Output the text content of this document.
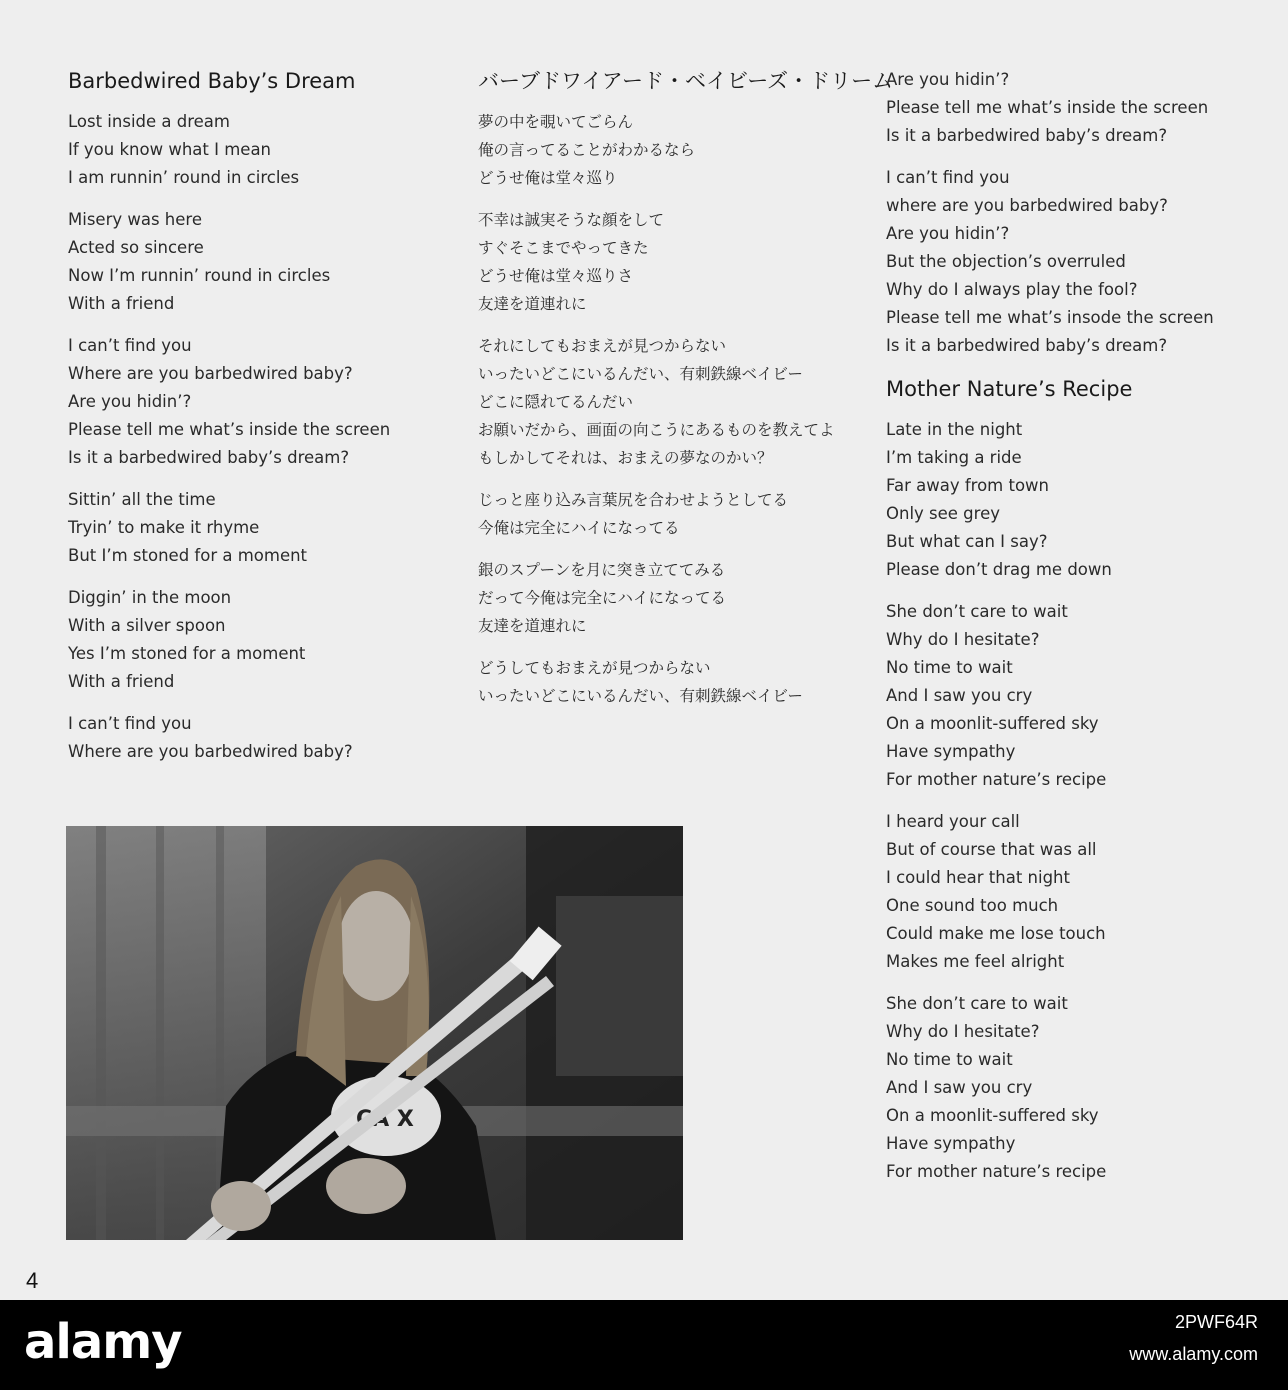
Barbedwired Baby’s Dream
Lost inside a dream
If you know what I mean
I am runnin’ round in circles
Misery was here
Acted so sincere
Now I’m runnin’ round in circles
With a friend
I can’t find you
Where are you barbedwired baby?
Are you hidin’?
Please tell me what’s inside the screen
Is it a barbedwired baby’s dream?
Sittin’ all the time
Tryin’ to make it rhyme
But I’m stoned for a moment
Diggin’ in the moon
With a silver spoon
Yes I’m stoned for a moment
With a friend
I can’t find you
Where are you barbedwired baby?
バーブドワイアード・ベイビーズ・ドリーム
夢の中を覗いてごらん
俺の言ってることがわかるなら
どうせ俺は堂々巡り
不幸は誠実そうな顔をして
すぐそこまでやってきた
どうせ俺は堂々巡りさ
友達を道連れに
それにしてもおまえが見つからない
いったいどこにいるんだい、有刺鉄線ベイビー
どこに隠れてるんだい
お願いだから、画面の向こうにあるものを教えてよ
もしかしてそれは、おまえの夢なのかい？
じっと座り込み言葉尻を合わせようとしてる
今俺は完全にハイになってる
銀のスプーンを月に突き立ててみる
だって今俺は完全にハイになってる
友達を道連れに
どうしてもおまえが見つからない
いったいどこにいるんだい、有刺鉄線ベイビー
Are you hidin’?
Please tell me what’s inside the screen
Is it a barbedwired baby’s dream?
I can’t find you
where are you barbedwired baby?
Are you hidin’?
But the objection’s overruled
Why do I always play the fool?
Please tell me what’s insode the screen
Is it a barbedwired baby’s dream?
Mother Nature’s Recipe
Late in the night
I’m taking a ride
Far away from town
Only see grey
But what can I say?
Please don’t drag me down
She don’t care to wait
Why do I hesitate?
No time to wait
And I saw you cry
On a moonlit-suffered sky
Have sympathy
For mother nature’s recipe
I heard your call
But of course that was all
I could hear that night
One sound too much
Could make me lose touch
Makes me feel alright
She don’t care to wait
Why do I hesitate?
No time to wait
And I saw you cry
On a moonlit-suffered sky
Have sympathy
For mother nature’s recipe
CA X
4
alamy	2PWF64R
www.alamy.com
